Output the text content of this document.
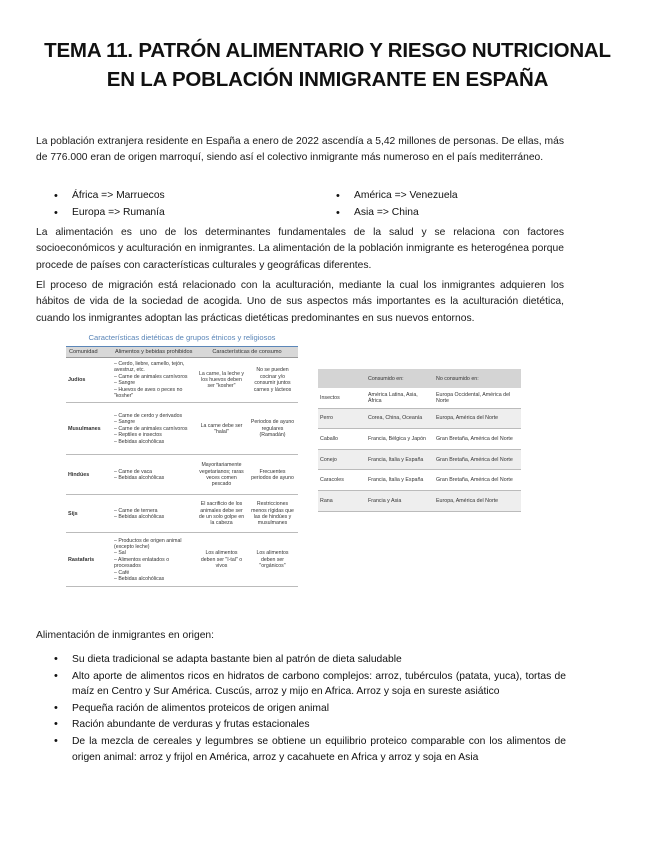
TEMA 11. PATRÓN ALIMENTARIO Y RIESGO NUTRICIONAL EN LA POBLACIÓN INMIGRANTE EN ESPAÑA
La población extranjera residente en España a enero de 2022 ascendía a 5,42 millones de personas. De ellas, más de 776.000 eran de origen marroquí, siendo así el colectivo inmigrante más numeroso en el país mediterráneo.
• África => Marruecos
• Europa => Rumanía
• América => Venezuela
• Asia => China
La alimentación es uno de los determinantes fundamentales de la salud y se relaciona con factores socioeconómicos y aculturación en inmigrantes. La alimentación de la población inmigrante es heterogénea porque procede de países con características culturales y geográficas diferentes.
El proceso de migración está relacionado con la aculturación, mediante la cual los inmigrantes adquieren los hábitos de vida de la sociedad de acogida. Uno de sus aspectos más importantes es la aculturación dietética, cuando los inmigrantes adoptan las prácticas dietéticas predominantes en sus nuevos entornos.
Características dietéticas de grupos étnicos y religiosos
Comunidad	Alimentos y bebidas prohibidos	Características de consumo	
Judíos	– Cerdo, liebre, camello, tejón, avestruz, etc.
– Carne de animales carnívoros
– Sangre
– Huevos de aves o peces no "kosher"	La carne, la leche y los huevos deben ser "kosher"	No se pueden cocinar y/o consumir juntos carnes y lácteos
Musulmanes	– Carne de cerdo y derivados
– Sangre
– Carne de animales carnívoros
– Reptiles e insectos
– Bebidas alcohólicas	La carne debe ser "halal"	Periodos de ayuno regulares (Ramadán)
Hindúes	– Carne de vaca
– Bebidas alcohólicas	Mayoritariamente vegetarianos; raras veces comen pescado	Frecuentes periodos de ayuno
Sijs	– Carne de ternera
– Bebidas alcohólicas	El sacrificio de los animales debe ser de un solo golpe en la cabeza	Restricciones menos rígidas que las de hindúes y musulmanes
Rastafaris	– Productos de origen animal (excepto leche)
– Sal
– Alimentos enlatados o procesados
– Café
– Bebidas alcohólicas	Los alimentos deben ser "I-tal" o vivos	Los alimentos deben ser "orgánicos"
	Consumido en:	No consumido en:
Insectos	América Latina, Asia, África	Europa Occidental, América del Norte
Perro	Corea, China, Oceanía	Europa, América del Norte
Caballo	Francia, Bélgica y Japón	Gran Bretaña, América del Norte
Conejo	Francia, Italia y España	Gran Bretaña, América del Norte
Caracoles	Francia, Italia y España	Gran Bretaña, América del Norte
Rana	Francia y Asia	Europa, América del Norte
Alimentación de inmigrantes en origen:
• Su dieta tradicional se adapta bastante bien al patrón de dieta saludable
• Alto aporte de alimentos ricos en hidratos de carbono complejos: arroz, tubérculos (patata, yuca), tortas de maíz en Centro y Sur América. Cuscús, arroz y mijo en Africa. Arroz y soja en sureste asiático
• Pequeña ración de alimentos proteicos de origen animal
• Ración abundante de verduras y frutas estacionales
• De la mezcla de cereales y legumbres se obtiene un equilibrio proteico comparable con los alimentos de origen animal: arroz y frijol en América, arroz y cacahuete en Africa y arroz y soja en Asia
